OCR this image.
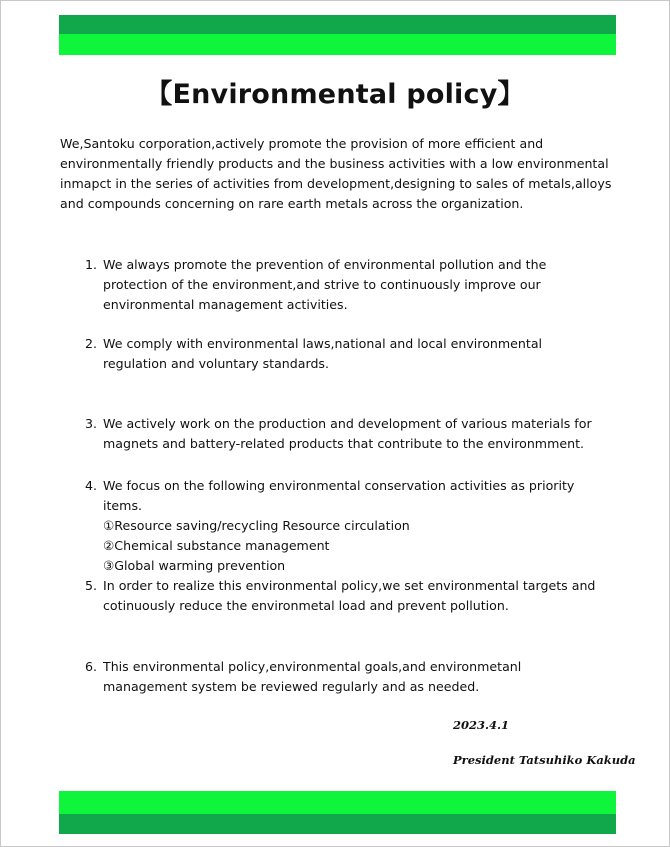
【Environmental policy】
We,Santoku corporation,actively promote the provision of more efficient and environmentally friendly products and the business activities with a low environmental inmapct in the series of activities from development,designing to sales of metals,alloys and compounds concerning on rare earth metals across the organization.
1. We always promote the prevention of environmental pollution and the protection of the environment,and strive to continuously improve our environmental management activities.
2. We comply with environmental laws,national and local environmental regulation and voluntary standards.
3. We actively work on the production and development of various materials for magnets and battery-related products that contribute to the environmment.
4. We focus on the following environmental conservation activities as priority items.
①Resource saving/recycling Resource circulation
②Chemical substance management
③Global warming prevention
5. In order to realize this environmental policy,we set environmental targets and cotinuously reduce the environmetal load and prevent pollution.
6. This environmental policy,environmental goals,and environmetanl management system be reviewed regularly and as needed.
2023.4.1
President Tatsuhiko Kakuda
